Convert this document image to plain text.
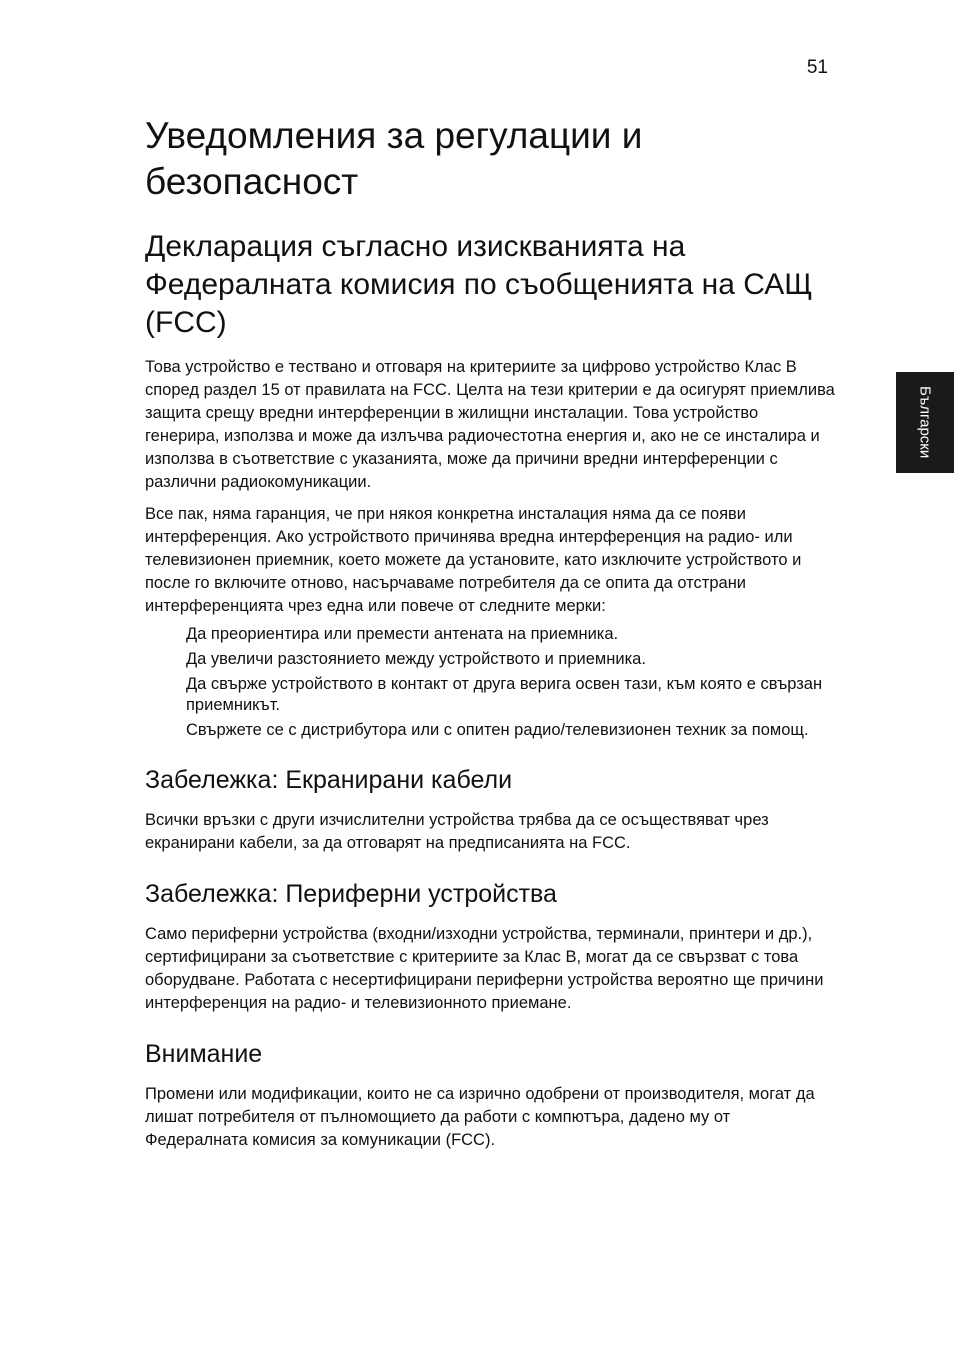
51
Български
Уведомления за регулации и безопасност
Декларация съгласно изискванията на Федералната комисия по съобщенията на САЩ (FCC)

Това устройство е тествано и отговаря на критериите за цифрово устройство Клас B според раздел 15 от правилата на FCC. Целта на тези критерии е да осигурят приемлива защита срещу вредни интерференции в жилищни инсталации. Това устройство генерира, използва и може да излъчва радиочестотна енергия и, ако не се инсталира и използва в съответствие с указанията, може да причини вредни интерференции с различни радиокомуникации.

Все пак, няма гаранция, че при някоя конкретна инсталация няма да се появи интерференция. Ако устройството причинява вредна интерференция на радио- или телевизионен приемник, което можете да установите, като изключите устройството и после го включите отново, насърчаваме потребителя да се опита да отстрани интерференцията чрез една или повече от следните мерки:

Да преориентира или премести антената на приемника.
Да увеличи разстоянието между устройството и приемника.
Да свърже устройството в контакт от друга верига освен тази, към която е свързан приемникът.
Свържете се с дистрибутора или с опитен радио/телевизионен техник за помощ.
Забележка: Екранирани кабели

Всички връзки с други изчислителни устройства трябва да се осъществяват чрез екранирани кабели, за да отговарят на предписанията на FCC.

Забележка: Периферни устройства

Само периферни устройства (входни/изходни устройства, терминали, принтери и др.), сертифицирани за съответствие с критериите за Клас B, могат да се свързват с това оборудване. Работата с несертифицирани периферни устройства вероятно ще причини интерференция на радио- и телевизионното приемане.

Внимание

Промени или модификации, които не са изрично одобрени от производителя, могат да лишат потребителя от пълномощието да работи с компютъра, дадено му от Федералната комисия за комуникации (FCC).
